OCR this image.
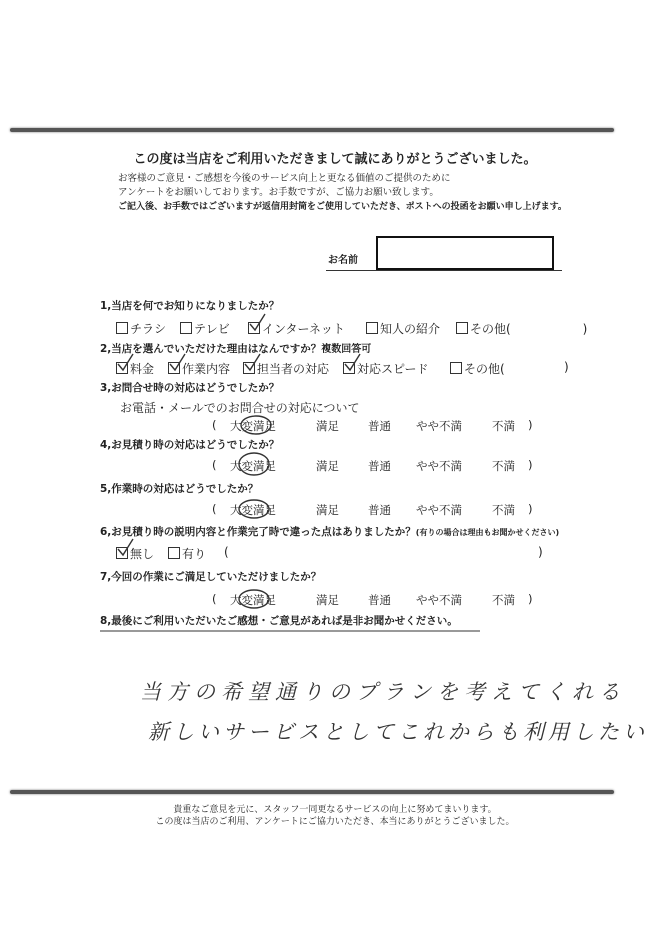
この度は当店をご利用いただきまして誠にありがとうございました。
お客様のご意見・ご感想を今後のサービス向上と更なる価値のご提供のために
アンケートをお願いしております。お手数ですが、ご協力お願い致します。
ご記入後、お手数ではございますが返信用封筒をご使用していただき、ポストへの投函をお願い申し上げます。
お名前
1,当店を何でお知りになりましたか？
チラシ	テレビ	インターネット	知人の紹介	その他(　　　　　　)
2,当店を選んでいただけた理由はなんですか？複数回答可
料金	作業内容	担当者の対応	対応スピード	その他(	)
3,お問合せ時の対応はどうでしたか？
お電話・メールでのお問合せの対応について
( 大変満足	満足	普通 やや不満	不満 )
4,お見積り時の対応はどうでしたか？
( 大変満足	満足	普通 やや不満	不満 )
5,作業時の対応はどうでしたか？
( 大変満足	満足	普通 やや不満	不満 )
6,お見積り時の説明内容と作業完了時で違った点はありましたか？(有りの場合は理由もお聞かせください)
無し	有り (	)
7,今回の作業にご満足していただけましたか？
( 大変満足	満足	普通 やや不満	不満 )
8,最後にご利用いただいたご感想・ご意見があれば是非お聞かせください。
当方の希望通りのプランを考えてくれる
新しいサービスとしてこれからも利用したい
貴重なご意見を元に、スタッフ一同更なるサービスの向上に努めてまいります。
この度は当店のご利用、アンケートにご協力いただき、本当にありがとうございました。
